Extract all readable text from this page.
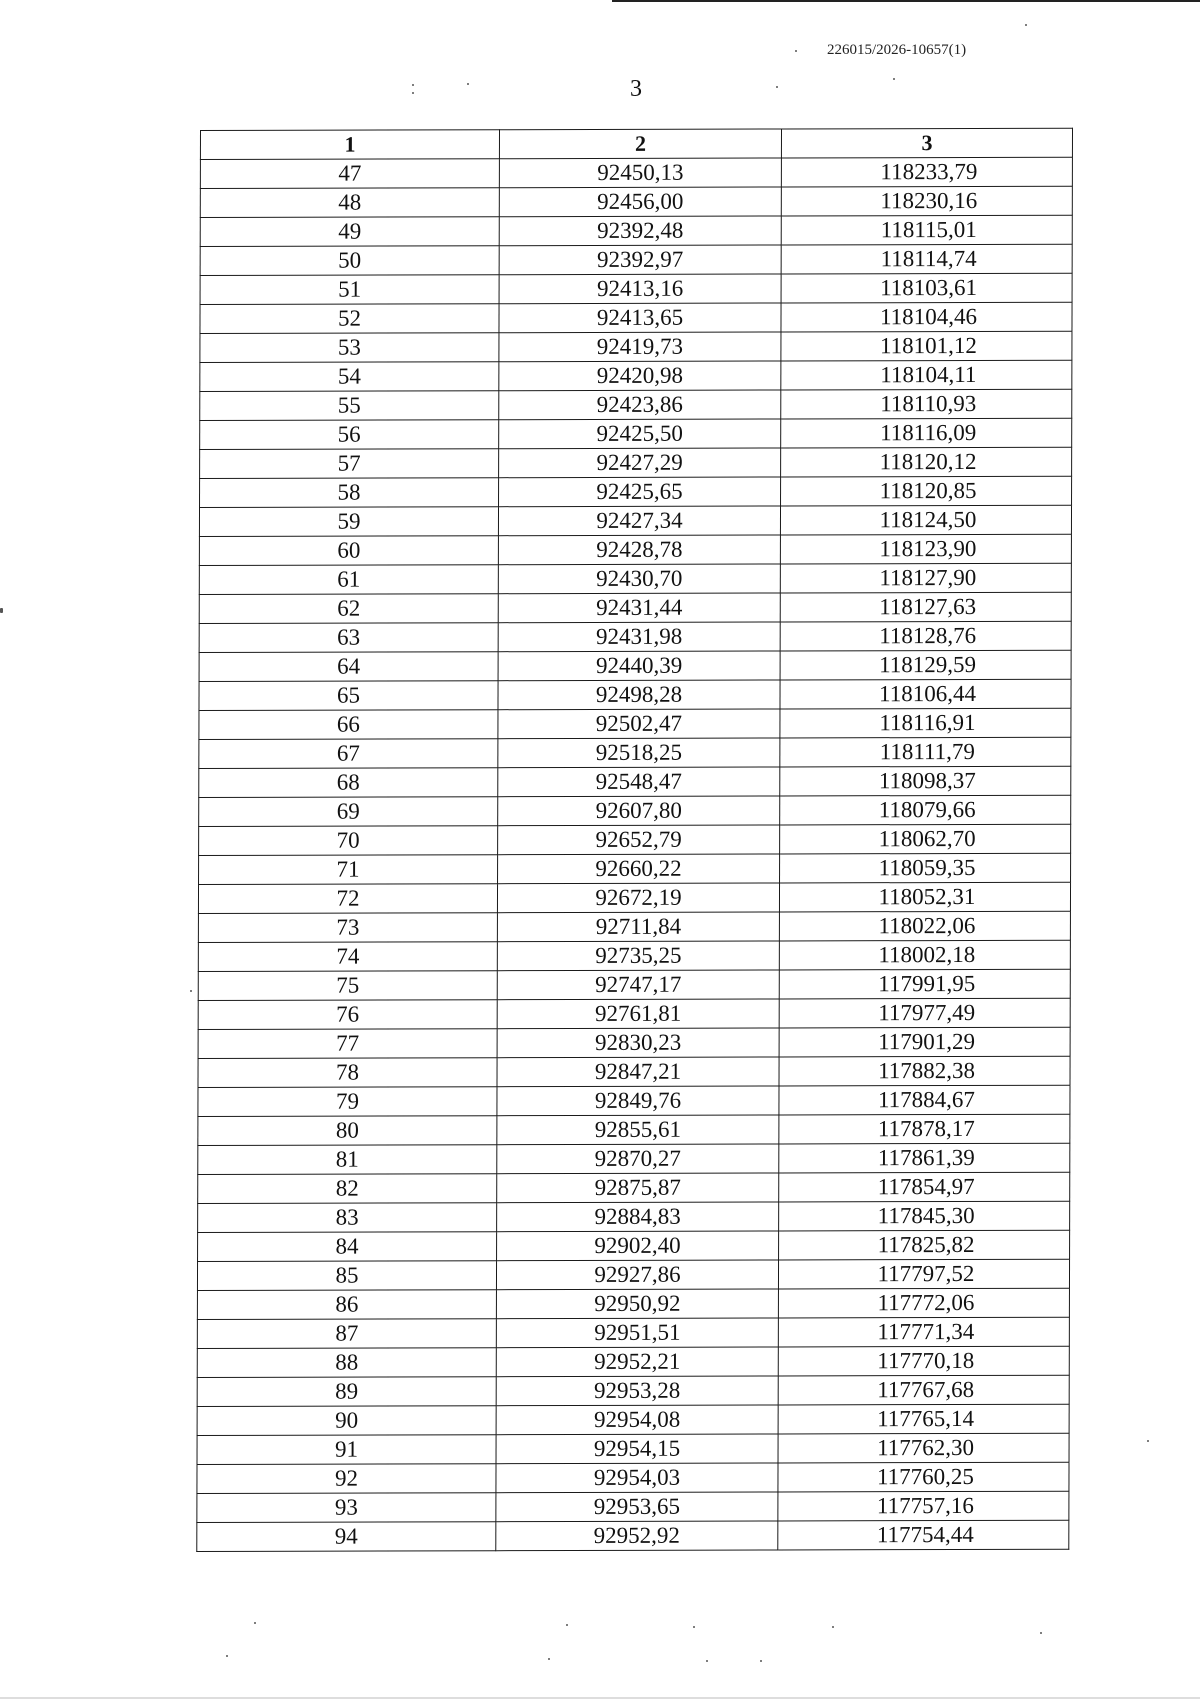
226015/2026-10657(1)
3
1	2	3
47	92450,13	118233,79
48	92456,00	118230,16
49	92392,48	118115,01
50	92392,97	118114,74
51	92413,16	118103,61
52	92413,65	118104,46
53	92419,73	118101,12
54	92420,98	118104,11
55	92423,86	118110,93
56	92425,50	118116,09
57	92427,29	118120,12
58	92425,65	118120,85
59	92427,34	118124,50
60	92428,78	118123,90
61	92430,70	118127,90
62	92431,44	118127,63
63	92431,98	118128,76
64	92440,39	118129,59
65	92498,28	118106,44
66	92502,47	118116,91
67	92518,25	118111,79
68	92548,47	118098,37
69	92607,80	118079,66
70	92652,79	118062,70
71	92660,22	118059,35
72	92672,19	118052,31
73	92711,84	118022,06
74	92735,25	118002,18
75	92747,17	117991,95
76	92761,81	117977,49
77	92830,23	117901,29
78	92847,21	117882,38
79	92849,76	117884,67
80	92855,61	117878,17
81	92870,27	117861,39
82	92875,87	117854,97
83	92884,83	117845,30
84	92902,40	117825,82
85	92927,86	117797,52
86	92950,92	117772,06
87	92951,51	117771,34
88	92952,21	117770,18
89	92953,28	117767,68
90	92954,08	117765,14
91	92954,15	117762,30
92	92954,03	117760,25
93	92953,65	117757,16
94	92952,92	117754,44
